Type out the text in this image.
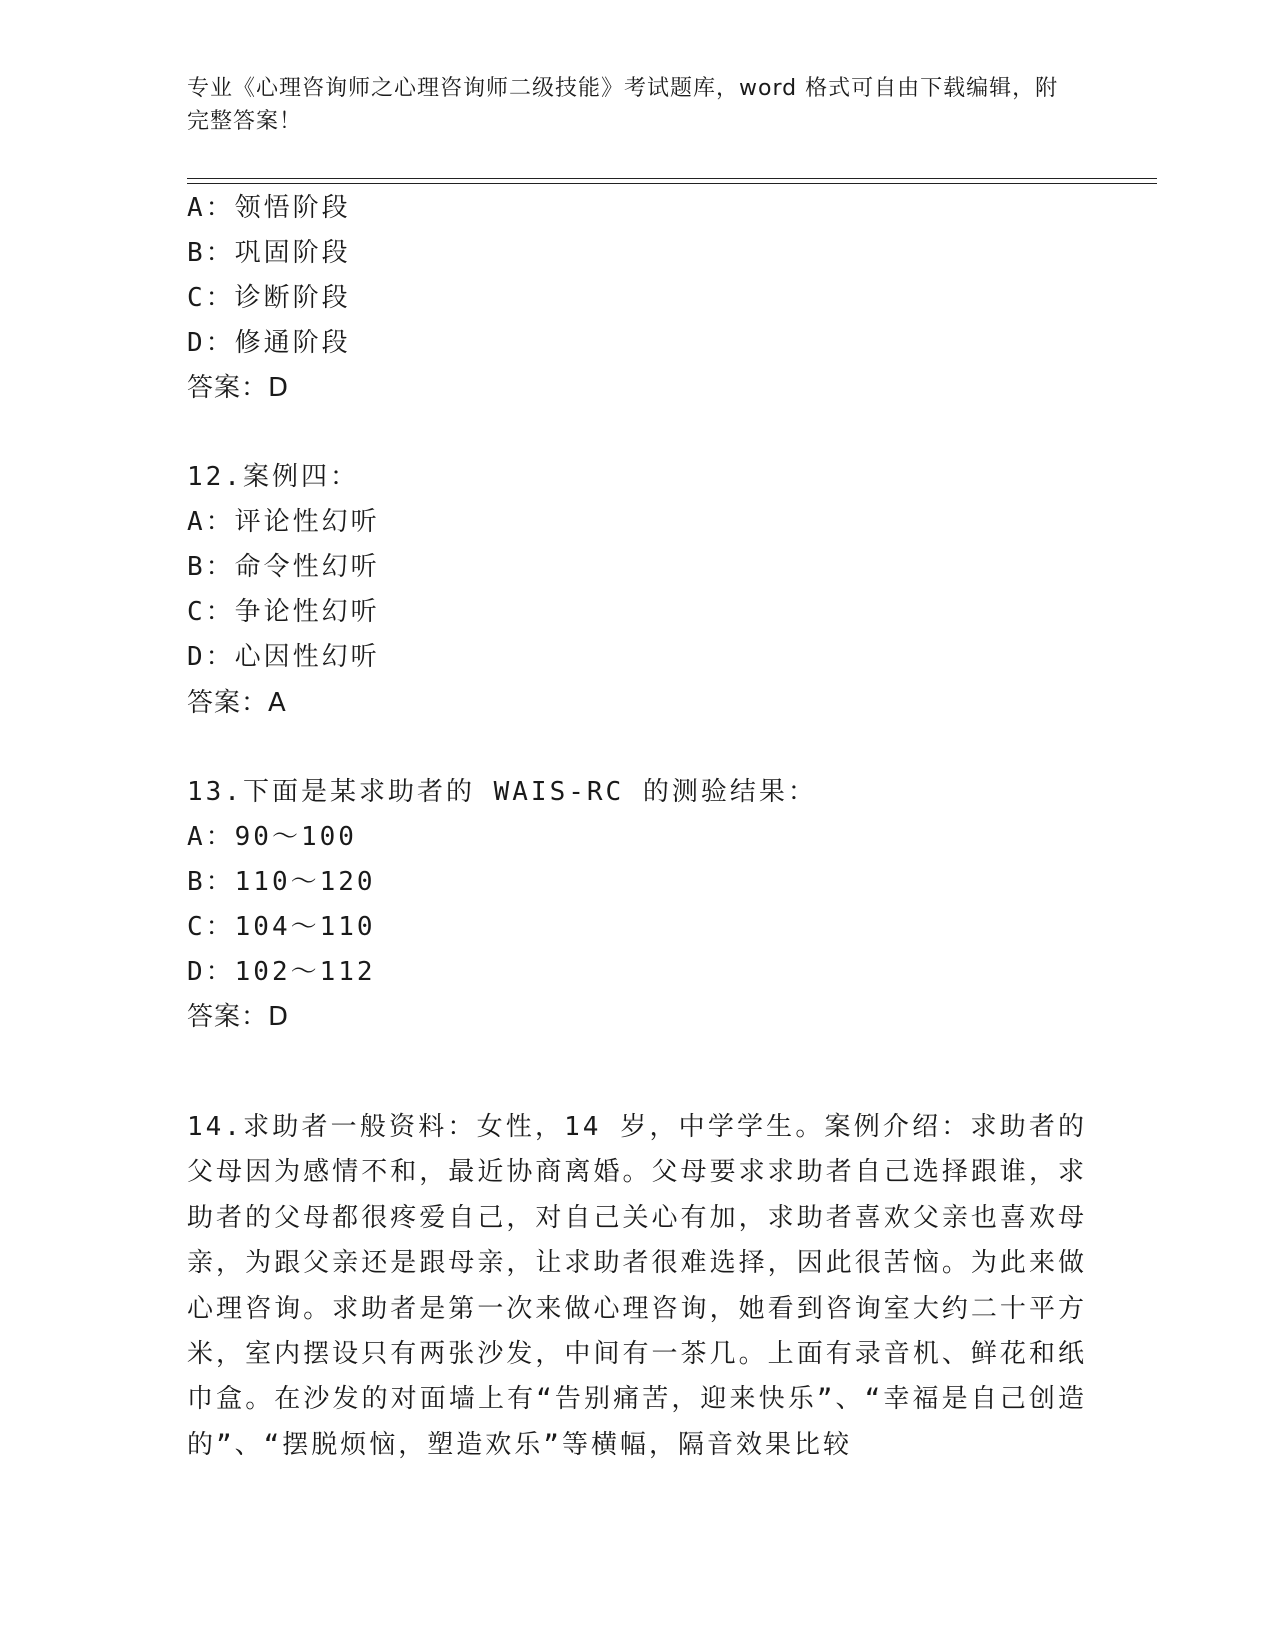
专业《心理咨询师之心理咨询师二级技能》考试题库，word 格式可自由下载编辑，附完整答案！
A：领悟阶段
B：巩固阶段
C：诊断阶段
D：修通阶段
答案：D
12.案例四：
A：评论性幻听
B：命令性幻听
C：争论性幻听
D：心因性幻听
答案：A
13.下面是某求助者的 WAIS-RC 的测验结果：
A：90～100
B：110～120
C：104～110
D：102～112
答案：D
14.求助者一般资料：女性，14 岁，中学学生。案例介绍：求助者的父母因为感情不和，最近协商离婚。父母要求求助者自己选择跟谁，求助者的父母都很疼爱自己，对自己关心有加，求助者喜欢父亲也喜欢母亲，为跟父亲还是跟母亲，让求助者很难选择，因此很苦恼。为此来做心理咨询。求助者是第一次来做心理咨询，她看到咨询室大约二十平方米，室内摆设只有两张沙发，中间有一茶几。上面有录音机、鲜花和纸巾盒。在沙发的对面墙上有“告别痛苦，迎来快乐”、“幸福是自己创造的”、“摆脱烦恼，塑造欢乐”等横幅，隔音效果比较
